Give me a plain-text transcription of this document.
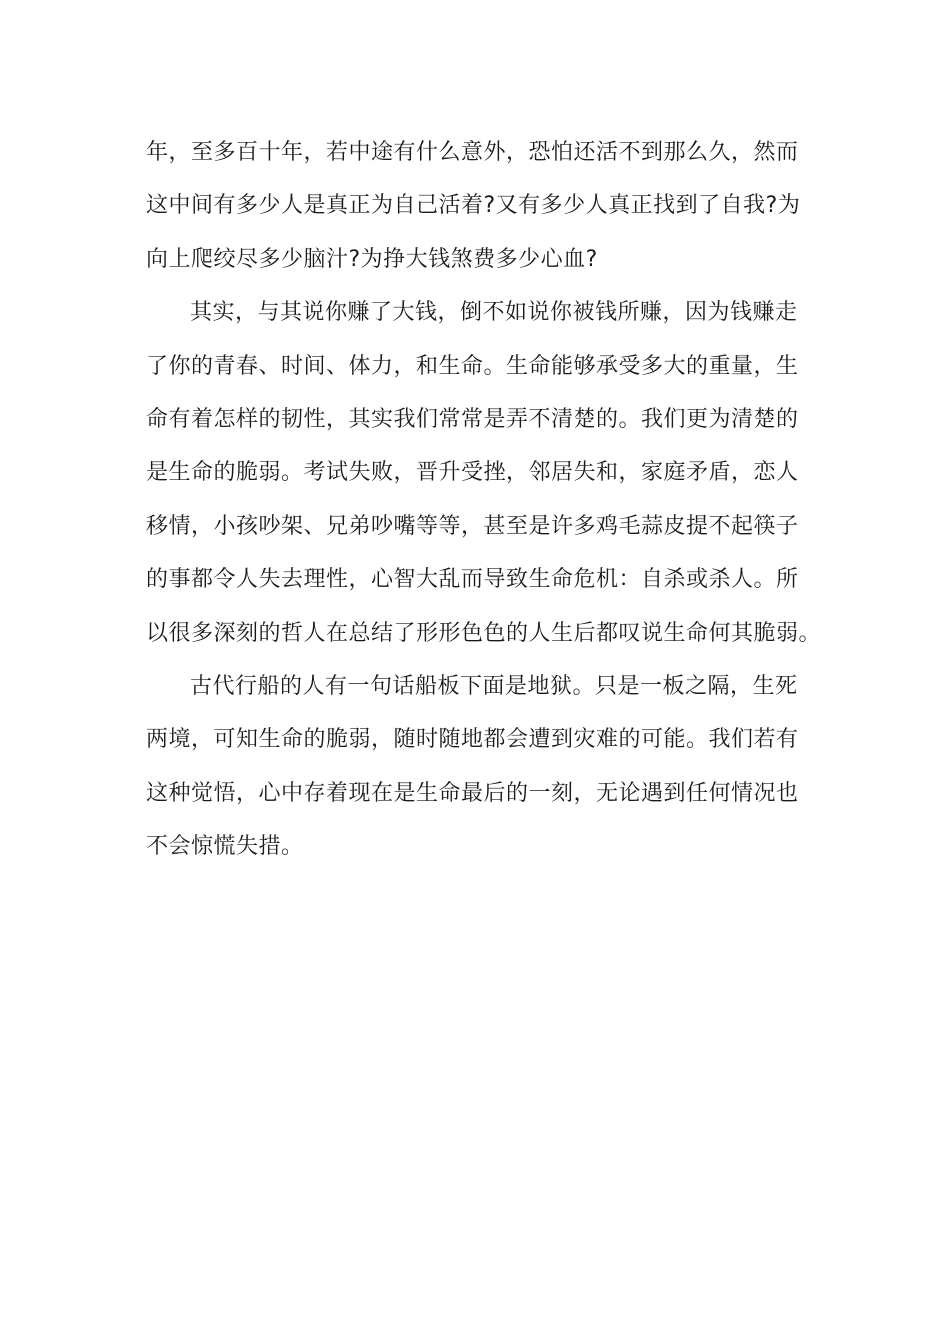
年，至多百十年，若中途有什么意外，恐怕还活不到那么久，然而
这中间有多少人是真正为自己活着?又有多少人真正找到了自我?为
向上爬绞尽多少脑汁?为挣大钱煞费多少心血?
其实，与其说你赚了大钱，倒不如说你被钱所赚，因为钱赚走
了你的青春、时间、体力，和生命。生命能够承受多大的重量，生
命有着怎样的韧性，其实我们常常是弄不清楚的。我们更为清楚的
是生命的脆弱。考试失败，晋升受挫，邻居失和，家庭矛盾，恋人
移情，小孩吵架、兄弟吵嘴等等，甚至是许多鸡毛蒜皮提不起筷子
的事都令人失去理性，心智大乱而导致生命危机：自杀或杀人。所
以很多深刻的哲人在总结了形形色色的人生后都叹说生命何其脆弱。
古代行船的人有一句话船板下面是地狱。只是一板之隔，生死
两境，可知生命的脆弱，随时随地都会遭到灾难的可能。我们若有
这种觉悟，心中存着现在是生命最后的一刻，无论遇到任何情况也
不会惊慌失措。
